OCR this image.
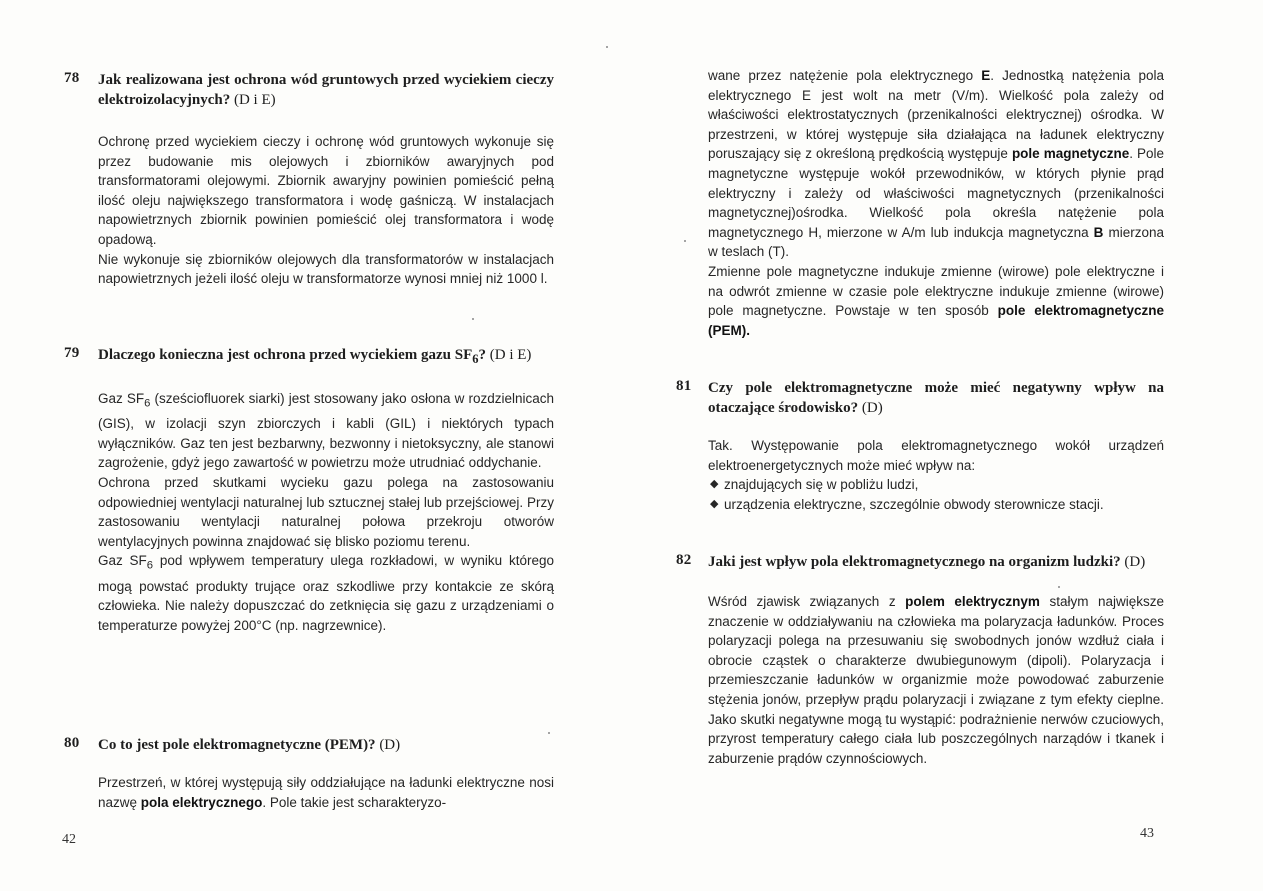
78 Jak realizowana jest ochrona wód gruntowych przed wyciekiem cieczy elektroizolacyjnych? (D i E)

Ochronę przed wyciekiem cieczy i ochronę wód gruntowych wykonuje się przez budowanie mis olejowych i zbiorników awaryjnych pod transformatorami olejowymi. Zbiornik awaryjny powinien pomieścić pełną ilość oleju największego transformatora i wodę gaśniczą. W instalacjach napowietrznych zbiornik powinien pomieścić olej transformatora i wodę opadową.

Nie wykonuje się zbiorników olejowych dla transformatorów w instalacjach napowietrznych jeżeli ilość oleju w transformatorze wynosi mniej niż 1000 l.

79 Dlaczego konieczna jest ochrona przed wyciekiem gazu $SF_6$? (D i E)

Gaz $SF_6$ (sześciofluorek siarki) jest stosowany jako osłona w rozdzielnicach (GIS), w izolacji szyn zbiorczych i kabli (GIL) i niektórych typach wyłączników. Gaz ten jest bezbarwny, bezwonny i nietoksyczny, ale stanowi zagrożenie, gdyż jego zawartość w powietrzu może utrudniać oddychanie.

Ochrona przed skutkami wycieku gazu polega na zastosowaniu odpowiedniej wentylacji naturalnej lub sztucznej stałej lub przejściowej. Przy zastosowaniu wentylacji naturalnej połowa przekroju otworów wentylacyjnych powinna znajdować się blisko poziomu terenu.

Gaz $SF_6$ pod wpływem temperatury ulega rozkładowi, w wyniku którego mogą powstać produkty trujące oraz szkodliwe przy kontakcie ze skórą człowieka. Nie należy dopuszczać do zetknięcia się gazu z urządzeniami o temperaturze powyżej 200°C (np. nagrzewnice).

80 Co to jest pole elektromagnetyczne (PEM)? (D)

Przestrzeń, w której występują siły oddziałujące na ładunki elektryczne nosi nazwę pola elektrycznego. Pole takie jest scharakteryzo-

42

wane przez natężenie pola elektrycznego E. Jednostką natężenia pola elektrycznego E jest wolt na metr (V/m). Wielkość pola zależy od właściwości elektrostatycznych (przenikalności elektrycznej) ośrodka. W przestrzeni, w której występuje siła działająca na ładunek elektryczny poruszający się z określoną prędkością występuje pole magnetyczne. Pole magnetyczne występuje wokół przewodników, w których płynie prąd elektryczny i zależy od właściwości magnetycznych (przenikalności magnetycznej)ośrodka. Wielkość pola określa natężenie pola magnetycznego H, mierzone w A/m lub indukcja magnetyczna B mierzona w teslach (T).

Zmienne pole magnetyczne indukuje zmienne (wirowe) pole elektryczne i na odwrót zmienne w czasie pole elektryczne indukuje zmienne (wirowe) pole magnetyczne. Powstaje w ten sposób pole elektromagnetyczne (PEM).

81 Czy pole elektromagnetyczne może mieć negatywny wpływ na otaczające środowisko? (D)

Tak. Występowanie pola elektromagnetycznego wokół urządzeń elektroenergetycznych może mieć wpływ na:

◆ znajdujących się w pobliżu ludzi,
◆ urządzenia elektryczne, szczególnie obwody sterownicze stacji.
82 Jaki jest wpływ pola elektromagnetycznego na organizm ludzki? (D)

Wśród zjawisk związanych z polem elektrycznym stałym największe znaczenie w oddziaływaniu na człowieka ma polaryzacja ładunków. Proces polaryzacji polega na przesuwaniu się swobodnych jonów wzdłuż ciała i obrocie cząstek o charakterze dwubiegunowym (dipoli). Polaryzacja i przemieszczanie ładunków w organizmie może powodować zaburzenie stężenia jonów, przepływ prądu polaryzacji i związane z tym efekty cieplne. Jako skutki negatywne mogą tu wystąpić: podrażnienie nerwów czuciowych, przyrost temperatury całego ciała lub poszczególnych narządów i tkanek i zaburzenie prądów czynnościowych.

43
